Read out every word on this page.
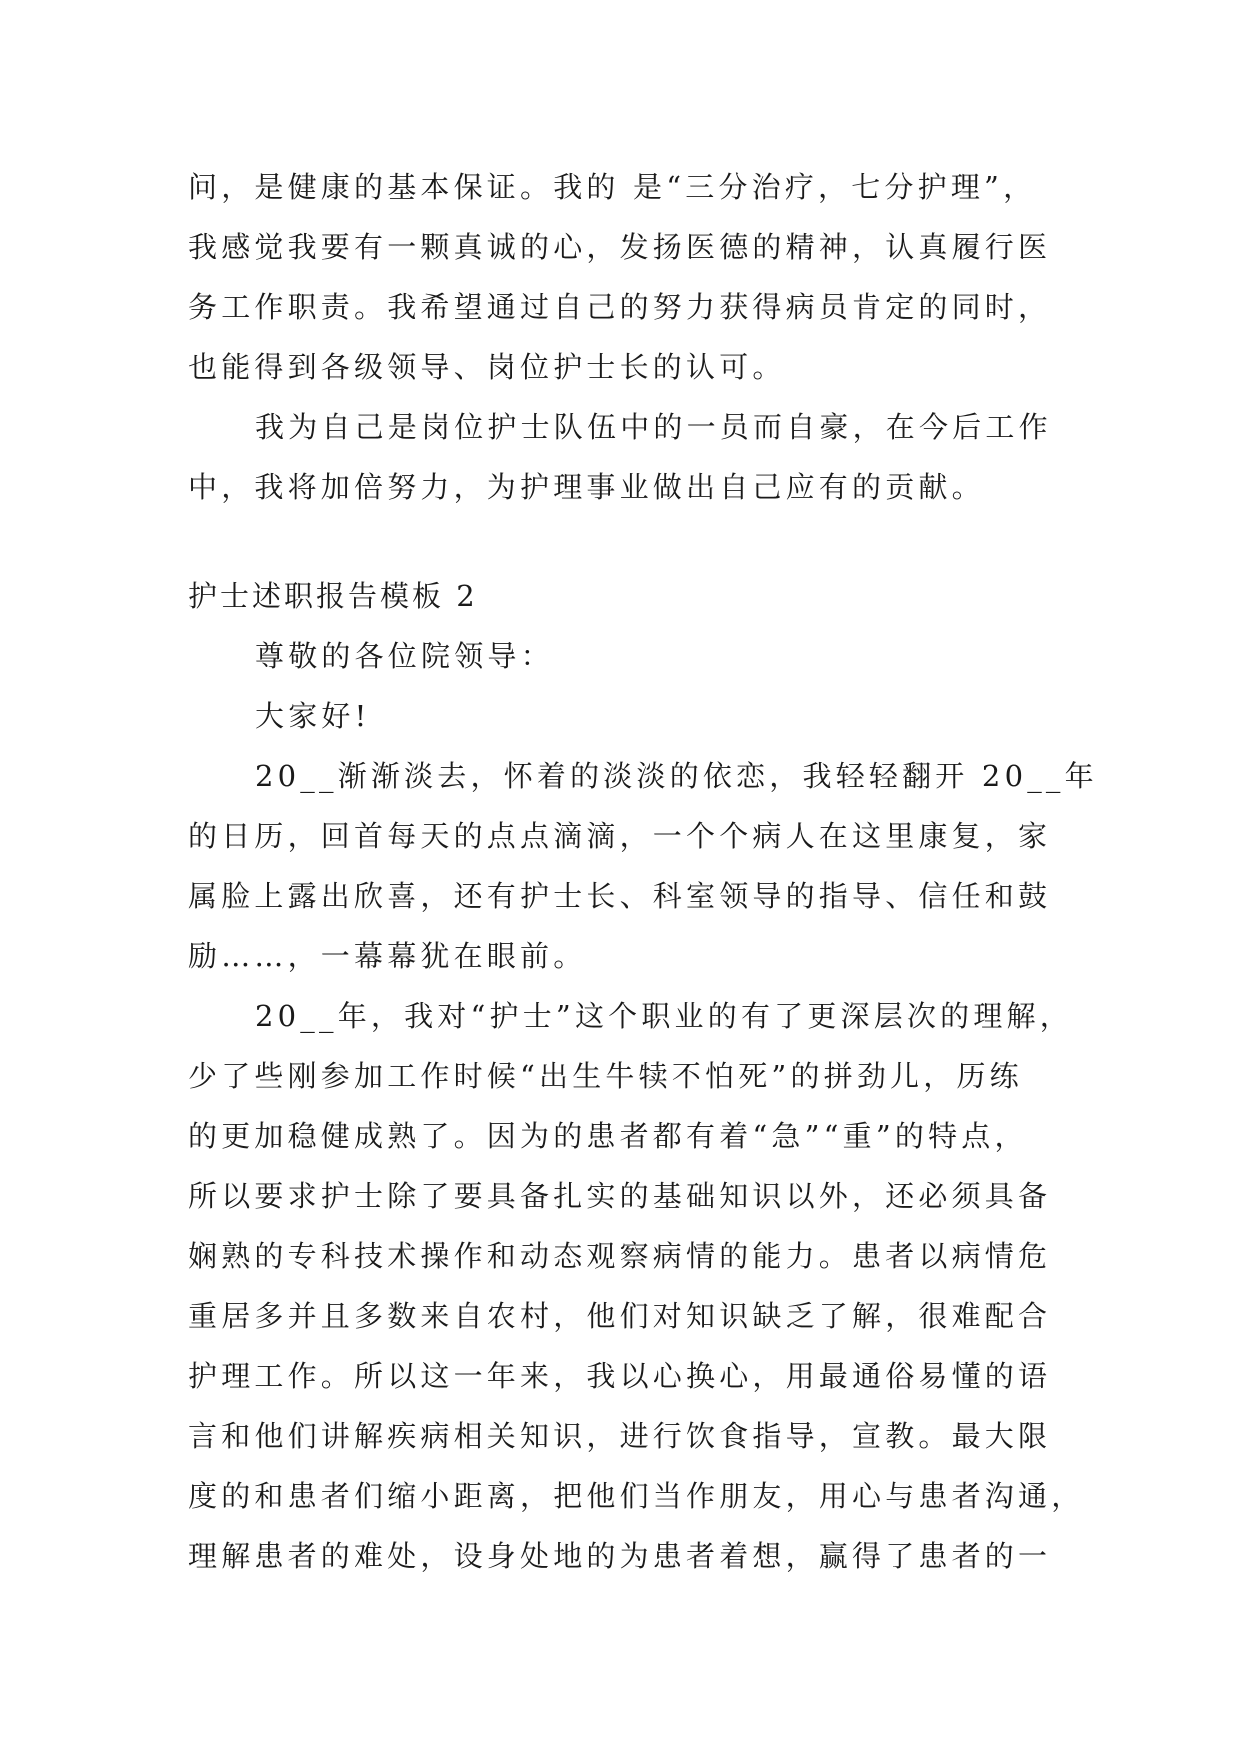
问，是健康的基本保证。我的 是“三分治疗，七分护理”，
我感觉我要有一颗真诚的心，发扬医德的精神，认真履行医
务工作职责。我希望通过自己的努力获得病员肯定的同时，
也能得到各级领导、岗位护士长的认可。
我为自己是岗位护士队伍中的一员而自豪，在今后工作
中，我将加倍努力，为护理事业做出自己应有的贡献。
护士述职报告模板 2
尊敬的各位院领导：
大家好!
20__渐渐淡去，怀着的淡淡的依恋，我轻轻翻开 20__年
的日历，回首每天的点点滴滴，一个个病人在这里康复，家
属脸上露出欣喜，还有护士长、科室领导的指导、信任和鼓
励……，一幕幕犹在眼前。
20__年，我对“护士”这个职业的有了更深层次的理解，
少了些刚参加工作时候“出生牛犊不怕死”的拼劲儿，历练
的更加稳健成熟了。因为的患者都有着“急”“重”的特点，
所以要求护士除了要具备扎实的基础知识以外，还必须具备
娴熟的专科技术操作和动态观察病情的能力。患者以病情危
重居多并且多数来自农村，他们对知识缺乏了解，很难配合
护理工作。所以这一年来，我以心换心，用最通俗易懂的语
言和他们讲解疾病相关知识，进行饮食指导，宣教。最大限
度的和患者们缩小距离，把他们当作朋友，用心与患者沟通，
理解患者的难处，设身处地的为患者着想，赢得了患者的一
